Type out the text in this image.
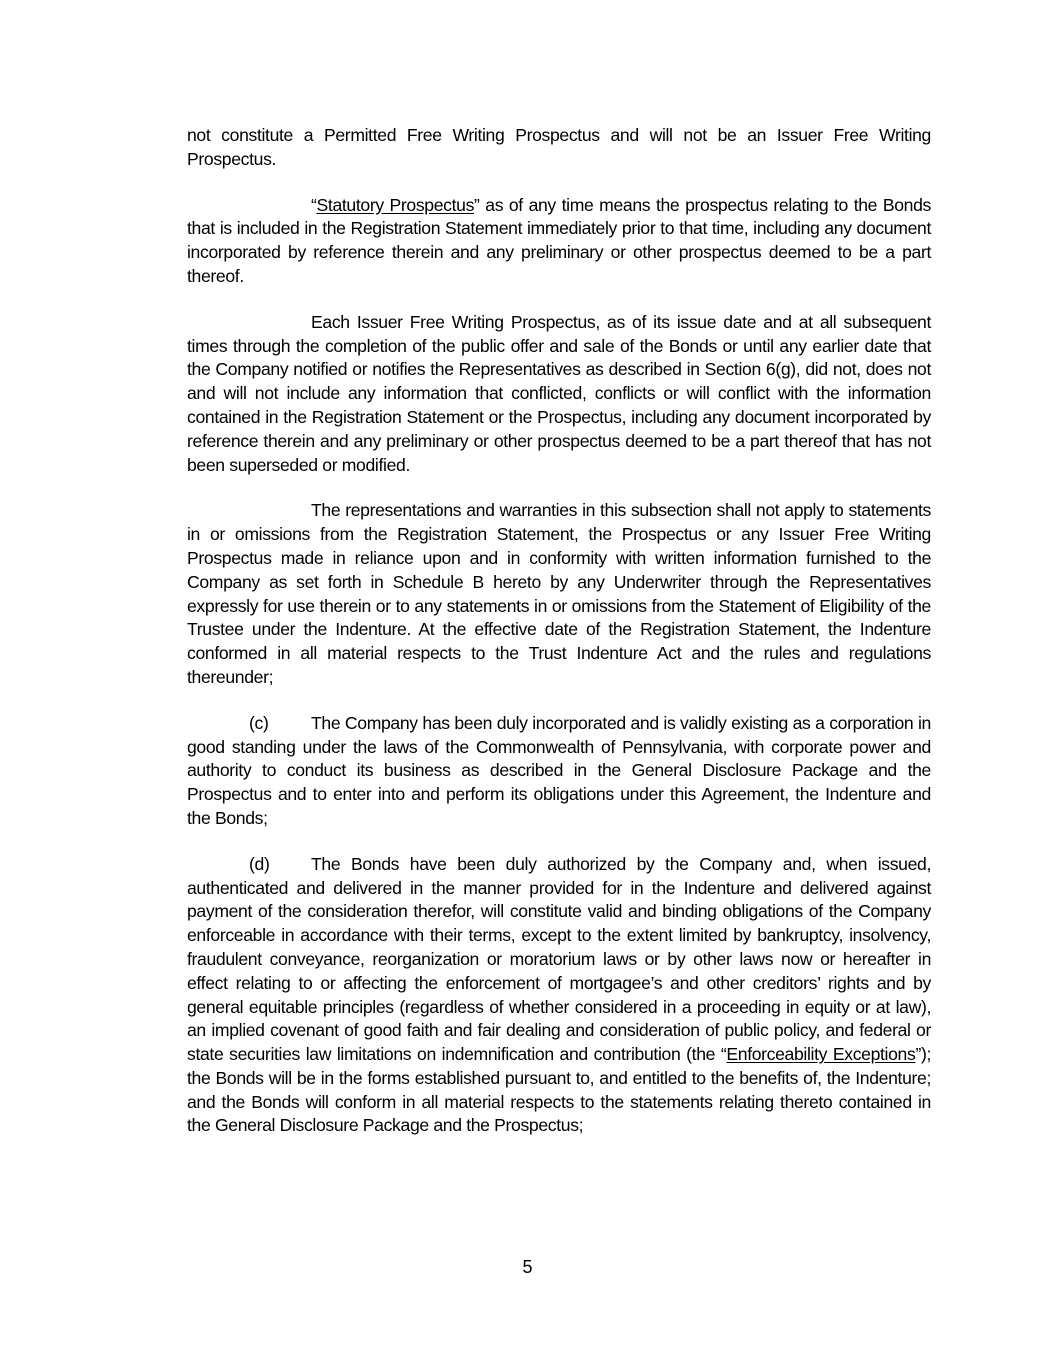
not constitute a Permitted Free Writing Prospectus and will not be an Issuer Free Writing Prospectus.

“Statutory Prospectus” as of any time means the prospectus relating to the Bonds that is included in the Registration Statement immediately prior to that time, including any document incorporated by reference therein and any preliminary or other prospectus deemed to be a part thereof.

Each Issuer Free Writing Prospectus, as of its issue date and at all subsequent times through the completion of the public offer and sale of the Bonds or until any earlier date that the Company notified or notifies the Representatives as described in Section 6(g), did not, does not and will not include any information that conflicted, conflicts or will conflict with the information contained in the Registration Statement or the Prospectus, including any document incorporated by reference therein and any preliminary or other prospectus deemed to be a part thereof that has not been superseded or modified.

The representations and warranties in this subsection shall not apply to statements in or omissions from the Registration Statement, the Prospectus or any Issuer Free Writing Prospectus made in reliance upon and in conformity with written information furnished to the Company as set forth in Schedule B hereto by any Underwriter through the Representatives expressly for use therein or to any statements in or omissions from the Statement of Eligibility of the Trustee under the Indenture. At the effective date of the Registration Statement, the Indenture conformed in all material respects to the Trust Indenture Act and the rules and regulations thereunder;

(c) The Company has been duly incorporated and is validly existing as a corporation in good standing under the laws of the Commonwealth of Pennsylvania, with corporate power and authority to conduct its business as described in the General Disclosure Package and the Prospectus and to enter into and perform its obligations under this Agreement, the Indenture and the Bonds;

(d) The Bonds have been duly authorized by the Company and, when issued, authenticated and delivered in the manner provided for in the Indenture and delivered against payment of the consideration therefor, will constitute valid and binding obligations of the Company enforceable in accordance with their terms, except to the extent limited by bankruptcy, insolvency, fraudulent conveyance, reorganization or moratorium laws or by other laws now or hereafter in effect relating to or affecting the enforcement of mortgagee’s and other creditors’ rights and by general equitable principles (regardless of whether considered in a proceeding in equity or at law), an implied covenant of good faith and fair dealing and consideration of public policy, and federal or state securities law limitations on indemnification and contribution (the “Enforceability Exceptions”); the Bonds will be in the forms established pursuant to, and entitled to the benefits of, the Indenture; and the Bonds will conform in all material respects to the statements relating thereto contained in the General Disclosure Package and the Prospectus;

5
